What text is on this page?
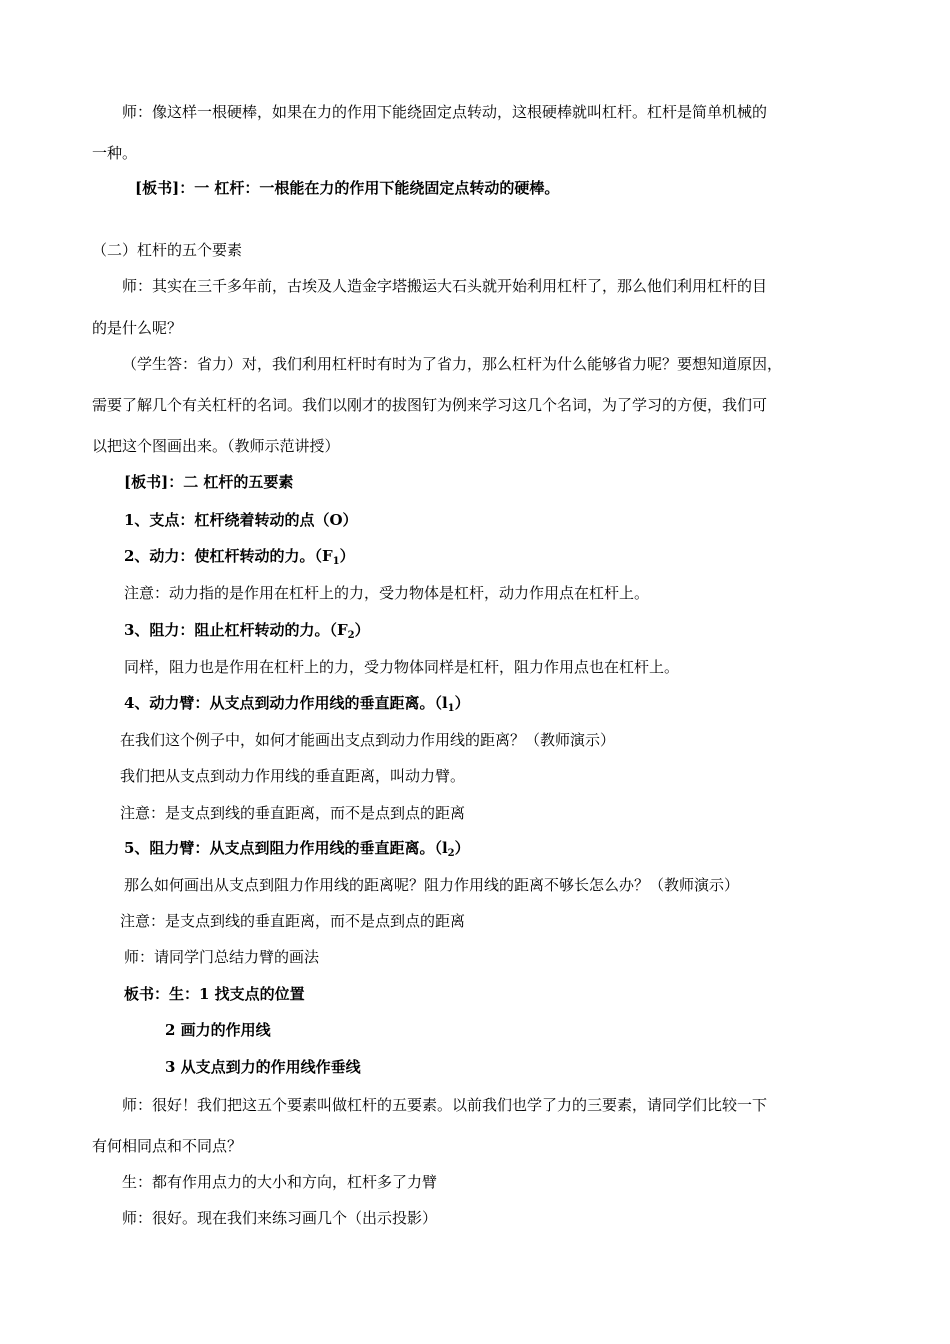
师：像这样一根硬棒，如果在力的作用下能绕固定点转动，这根硬棒就叫杠杆。杠杆是简单机械的
一种。
[板书]：一 杠杆：一根能在力的作用下能绕固定点转动的硬棒。
（二）杠杆的五个要素
师：其实在三千多年前，古埃及人造金字塔搬运大石头就开始利用杠杆了，那么他们利用杠杆的目
的是什么呢？
（学生答：省力）对，我们利用杠杆时有时为了省力，那么杠杆为什么能够省力呢？要想知道原因，
需要了解几个有关杠杆的名词。我们以刚才的拔图钉为例来学习这几个名词，为了学习的方便，我们可
以把这个图画出来。（教师示范讲授）
[板书]：二 杠杆的五要素
1、支点：杠杆绕着转动的点（O）
2、动力：使杠杆转动的力。$(F_1)$
注意：动力指的是作用在杠杆上的力，受力物体是杠杆，动力作用点在杠杆上。
3、阻力：阻止杠杆转动的力。$(F_2)$
同样，阻力也是作用在杠杆上的力，受力物体同样是杠杆，阻力作用点也在杠杆上。
4、动力臂：从支点到动力作用线的垂直距离。$(l_1)$
在我们这个例子中，如何才能画出支点到动力作用线的距离？（教师演示）
我们把从支点到动力作用线的垂直距离，叫动力臂。
注意：是支点到线的垂直距离，而不是点到点的距离
5、阻力臂：从支点到阻力作用线的垂直距离。$(l_2)$
那么如何画出从支点到阻力作用线的距离呢？阻力作用线的距离不够长怎么办？（教师演示）
注意：是支点到线的垂直距离，而不是点到点的距离
师：请同学门总结力臂的画法
板书：生：1 找支点的位置
2 画力的作用线
3 从支点到力的作用线作垂线
师：很好！我们把这五个要素叫做杠杆的五要素。以前我们也学了力的三要素，请同学们比较一下
有何相同点和不同点？
生：都有作用点力的大小和方向，杠杆多了力臂
师：很好。现在我们来练习画几个（出示投影）
